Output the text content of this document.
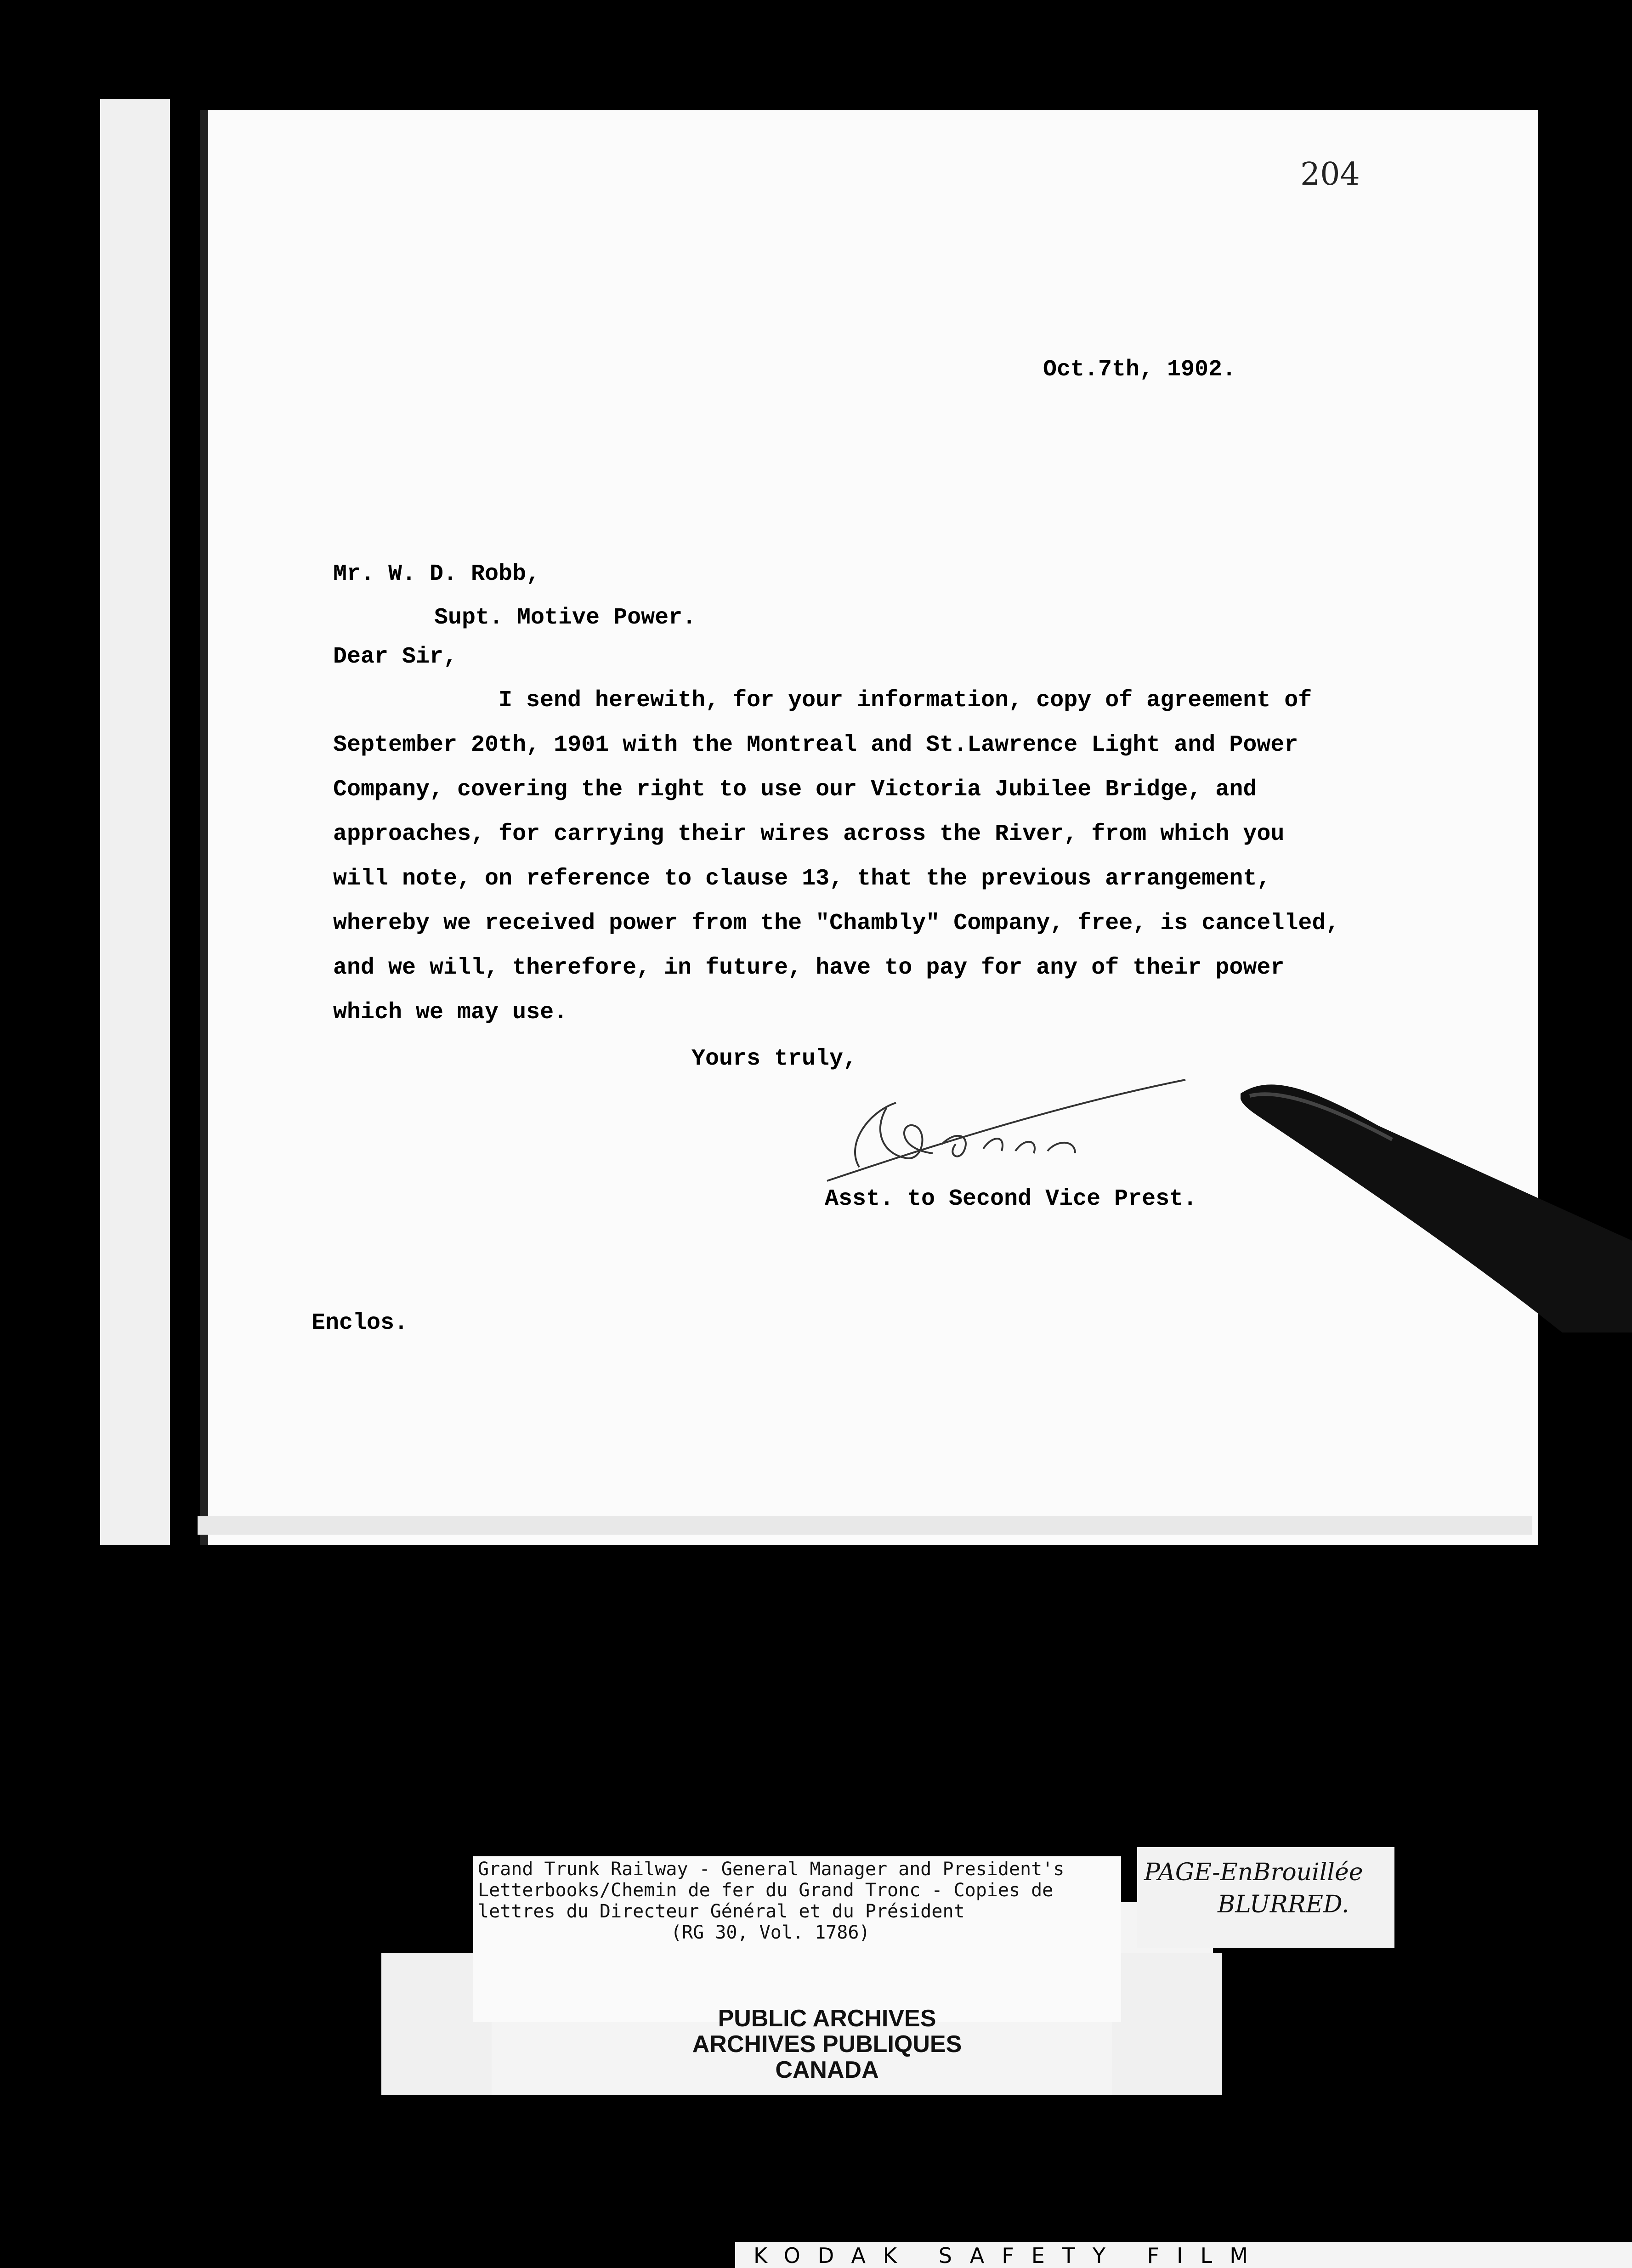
204
Oct.7th, 1902.
Mr. W. D. Robb,
Supt. Motive Power.
Dear Sir,
I send herewith, for your information, copy of agreement of
September 20th, 1901 with the Montreal and St.Lawrence Light and Power
Company, covering the right to use our Victoria Jubilee Bridge, and
approaches, for carrying their wires across the River, from which you
will note, on reference to clause 13, that the previous arrangement,
whereby we received power from the "Chambly" Company, free, is cancelled,
and we will, therefore, in future, have to pay for any of their power
which we may use.
Yours truly,
Asst. to Second Vice Prest.
Enclos.
Grand Trunk Railway - General Manager and President's
Letterbooks/Chemin de fer du Grand Tronc - Copies de
lettres du Directeur Général et du Président
(RG 30, Vol. 1786)
PUBLIC ARCHIVES
ARCHIVES PUBLIQUES
CANADA
PAGE-EnBrouillée
BLURRED.
KODAK SAFETY FILM
